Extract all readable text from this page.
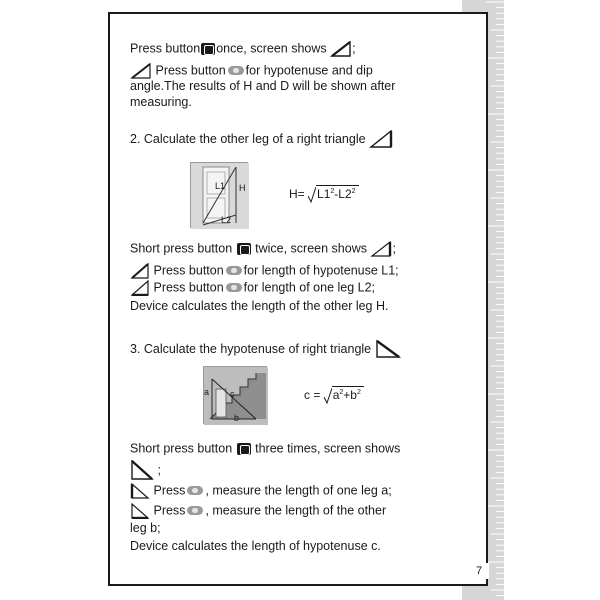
Press button once, screen shows ;
Press button for hypotenuse and dip
angle.The results of H and D will be shown after
measuring.
2. Calculate the other leg of a right triangle
L1 H
L2
$H= L1^2-L2^2$
Short press button twice, screen shows ;
Press button for length of hypotenuse L1;
Press button for length of one leg L2;
Device calculates the length of the other leg H.
3. Calculate the hypotenuse of right triangle
a c
b
$c = a^2+b^2$
Short press button three times, screen shows
;
Press , measure the length of one leg a;
Press , measure the length of the other
leg b;
Device calculates the length of hypotenuse c.
7
